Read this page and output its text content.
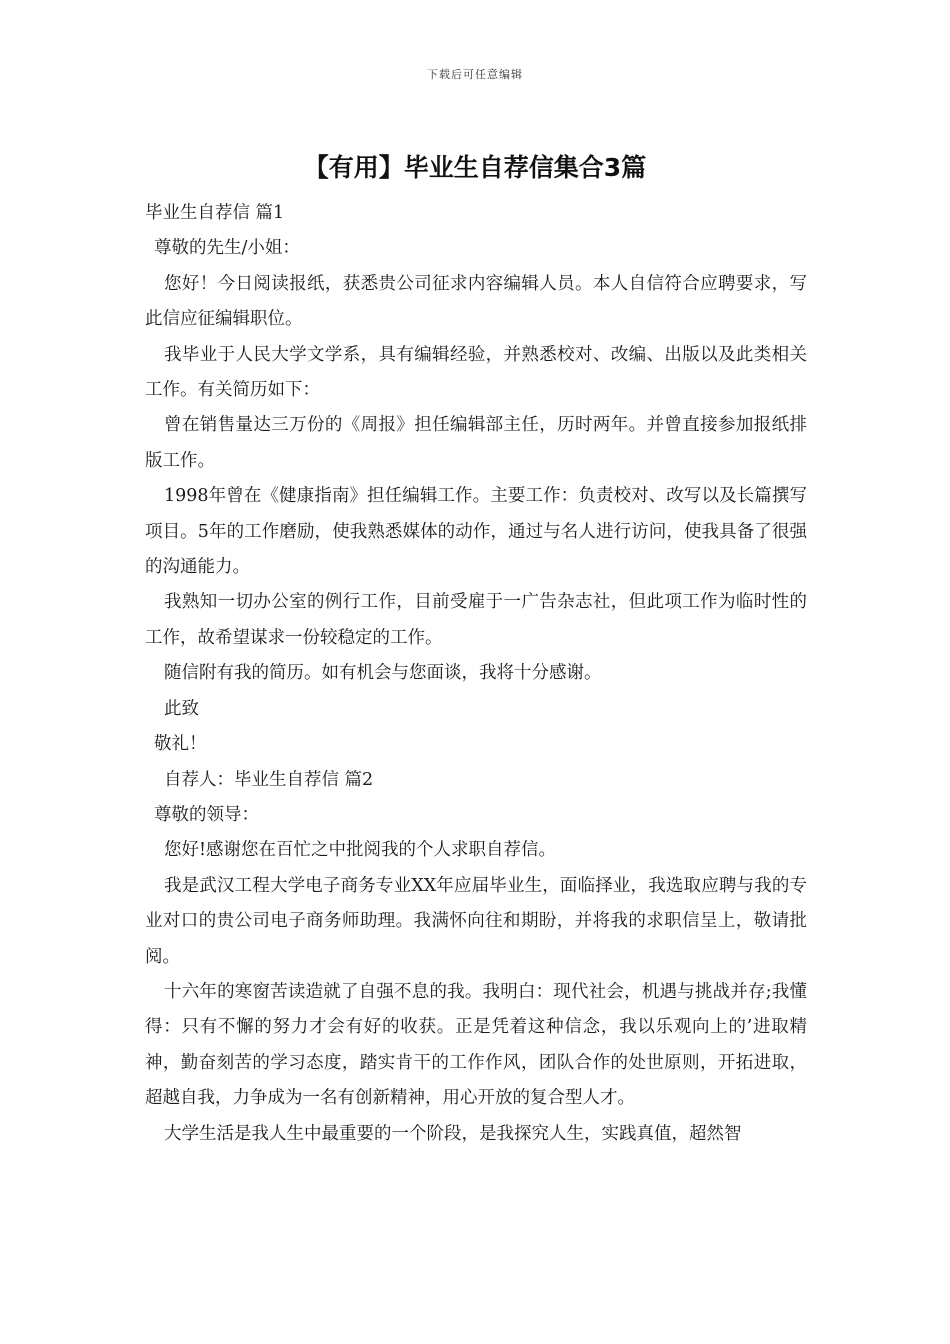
下载后可任意编辑
【有用】毕业生自荐信集合3篇

毕业生自荐信 篇1

尊敬的先生/小姐：

您好！今日阅读报纸，获悉贵公司征求内容编辑人员。本人自信符合应聘要求，写此信应征编辑职位。

我毕业于人民大学文学系，具有编辑经验，并熟悉校对、改编、出版以及此类相关工作。有关简历如下：

曾在销售量达三万份的《周报》担任编辑部主任，历时两年。并曾直接参加报纸排版工作。

1998年曾在《健康指南》担任编辑工作。主要工作：负责校对、改写以及长篇撰写项目。5年的工作磨励，使我熟悉媒体的动作，通过与名人进行访问，使我具备了很强的沟通能力。

我熟知一切办公室的例行工作，目前受雇于一广告杂志社，但此项工作为临时性的工作，故希望谋求一份较稳定的工作。

随信附有我的简历。如有机会与您面谈，我将十分感谢。

此致

敬礼！

自荐人：毕业生自荐信 篇2

尊敬的领导：

您好!感谢您在百忙之中批阅我的个人求职自荐信。

我是武汉工程大学电子商务专业XX年应届毕业生，面临择业，我选取应聘与我的专业对口的贵公司电子商务师助理。我满怀向往和期盼，并将我的求职信呈上，敬请批阅。

十六年的寒窗苦读造就了自强不息的我。我明白：现代社会，机遇与挑战并存;我懂得：只有不懈的努力才会有好的收获。正是凭着这种信念，我以乐观向上的’进取精神，勤奋刻苦的学习态度，踏实肯干的工作作风，团队合作的处世原则，开拓进取，超越自我，力争成为一名有创新精神，用心开放的复合型人才。

大学生活是我人生中最重要的一个阶段，是我探究人生，实践真值，超然智
